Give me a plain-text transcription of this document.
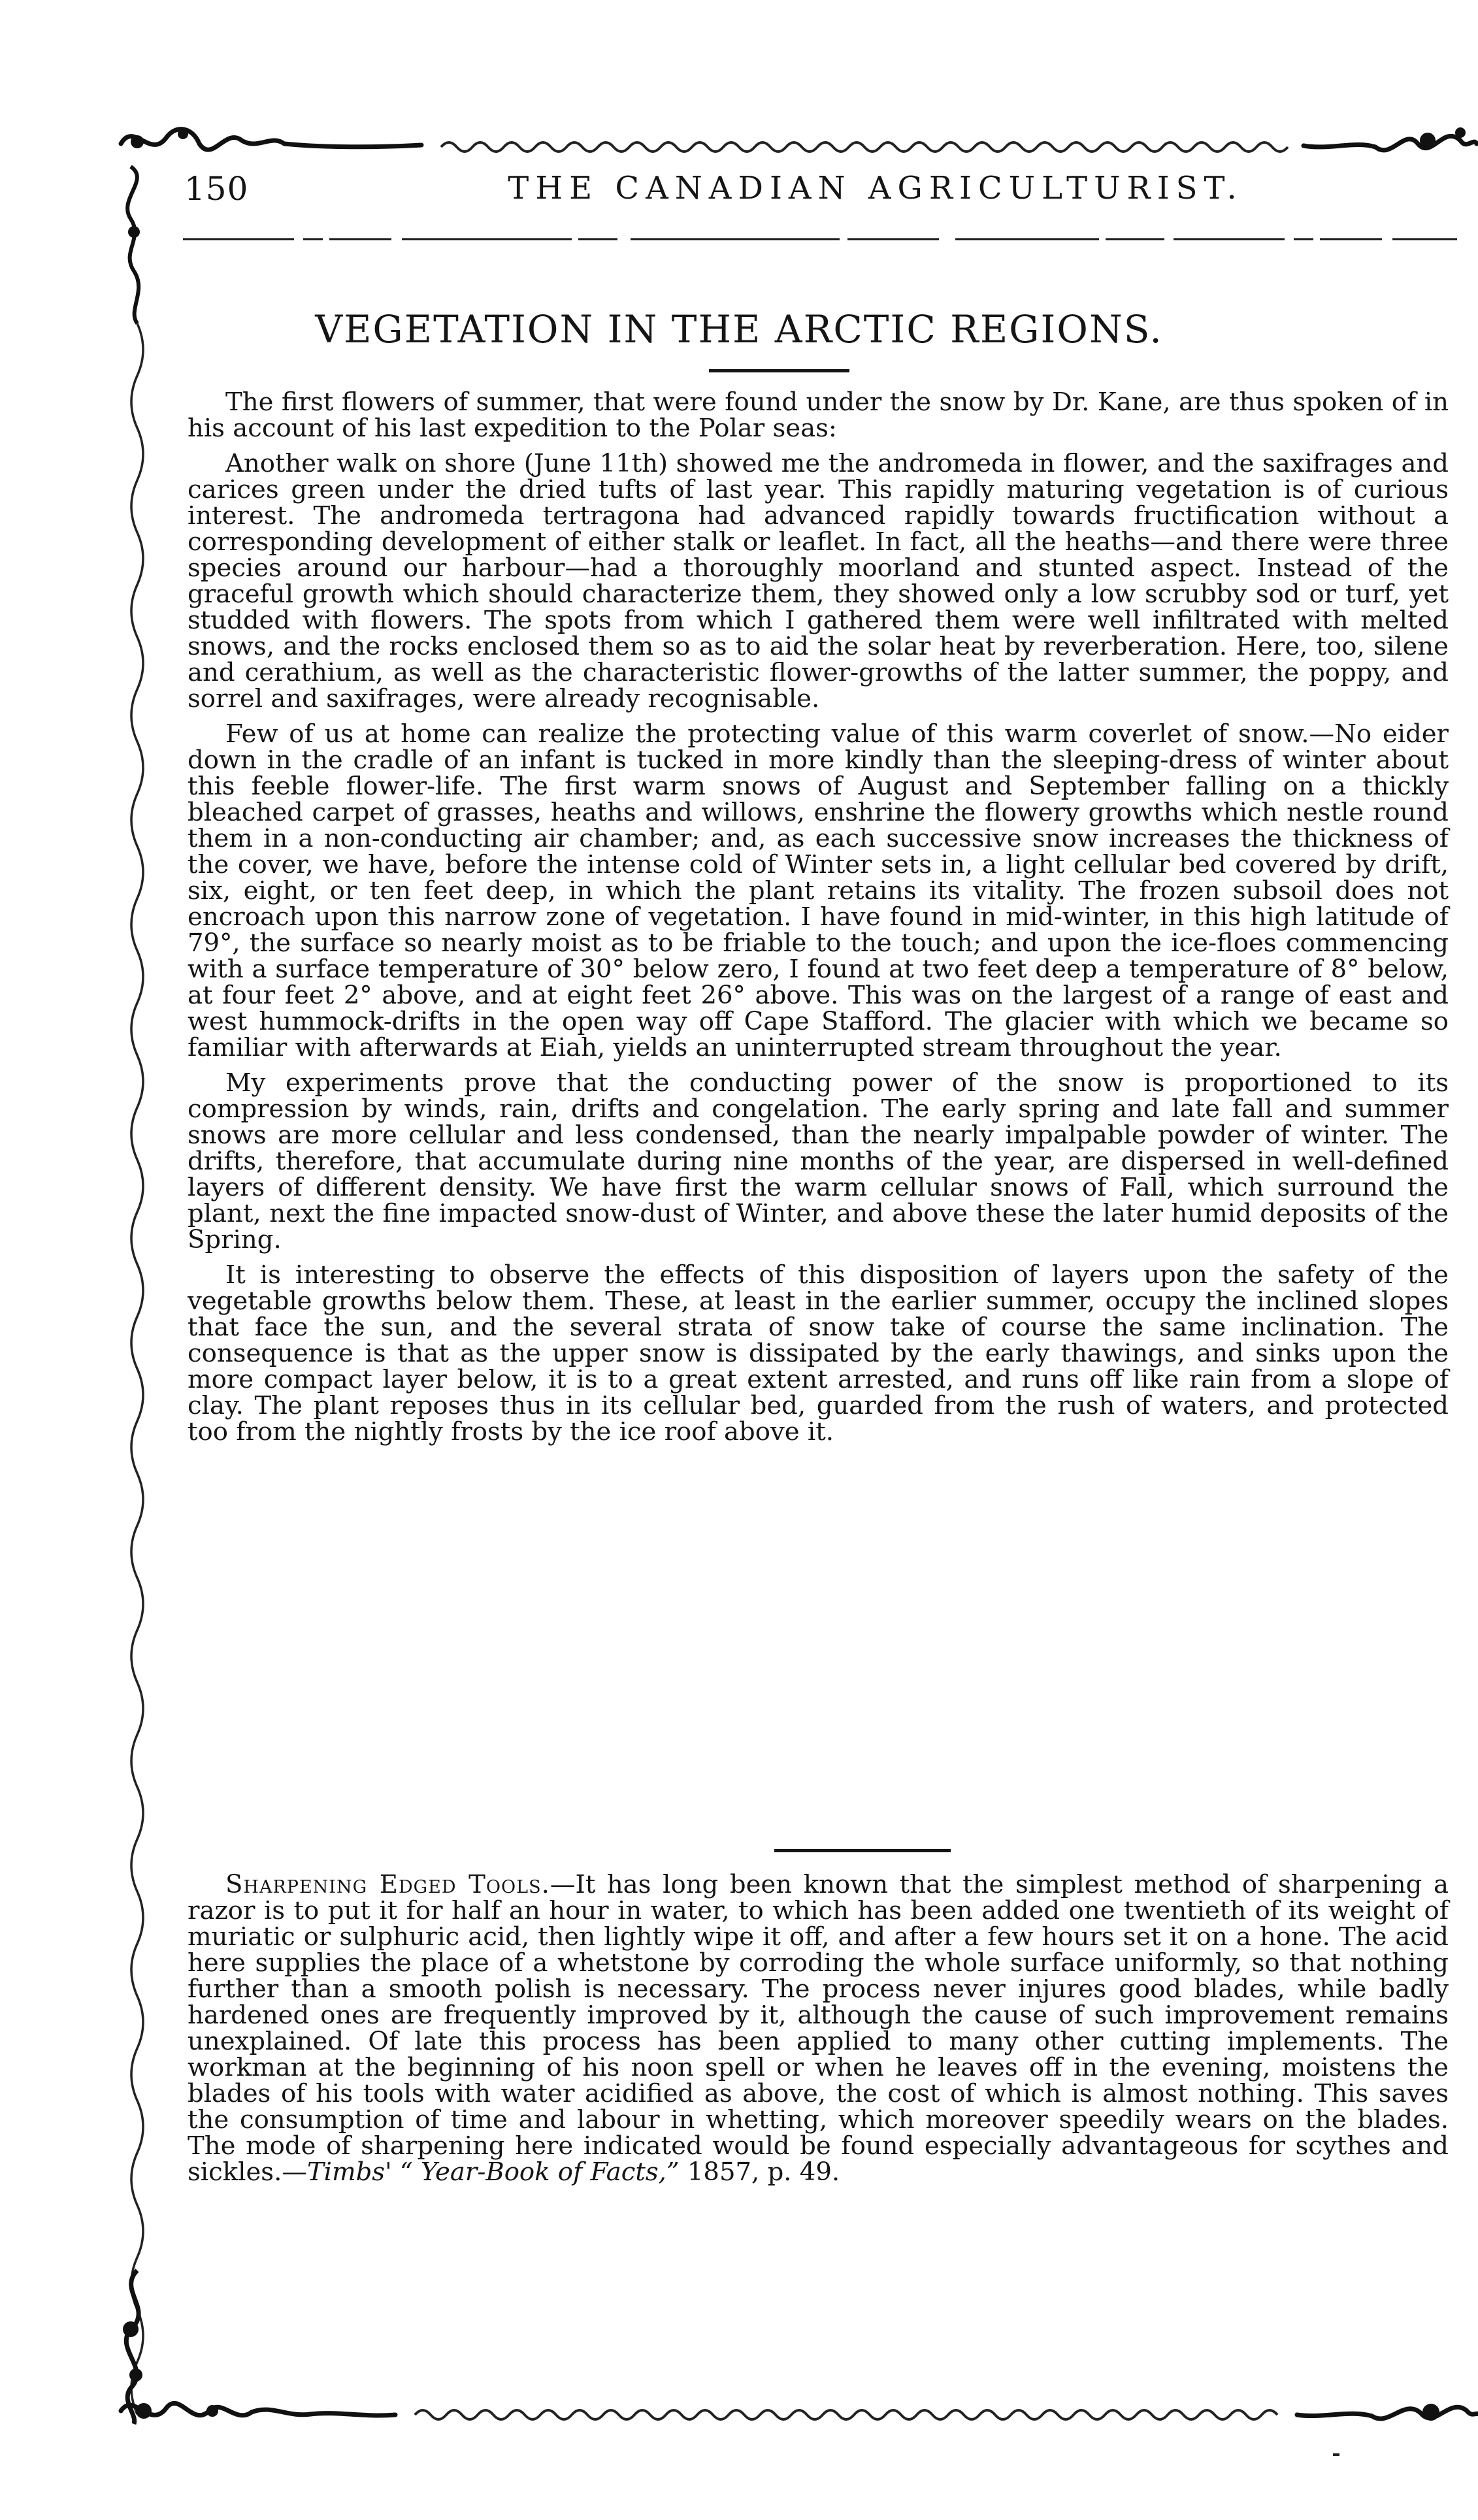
150	THE CANADIAN AGRICULTURIST.
VEGETATION IN THE ARCTIC REGIONS.

The first flowers of summer, that were found under the snow by Dr. Kane, are thus spoken of in his account of his last expedition to the Polar seas:

Another walk on shore (June 11th) showed me the andromeda in flower, and the saxifrages and carices green under the dried tufts of last year. This rapidly maturing vegetation is of curious interest. The andromeda tertragona had advanced rapidly towards fructification without a corresponding development of either stalk or leaflet. In fact, all the heaths—and there were three species around our harbour—had a thoroughly moorland and stunted aspect. Instead of the graceful growth which should characterize them, they showed only a low scrubby sod or turf, yet studded with flowers. The spots from which I gathered them were well infiltrated with melted snows, and the rocks enclosed them so as to aid the solar heat by reverberation. Here, too, silene and cerathium, as well as the characteristic flower-growths of the latter summer, the poppy, and sorrel and saxifrages, were already recognisable.

Few of us at home can realize the protecting value of this warm coverlet of snow.—No eider down in the cradle of an infant is tucked in more kindly than the sleeping-dress of winter about this feeble flower-life. The first warm snows of August and September falling on a thickly bleached carpet of grasses, heaths and willows, enshrine the flowery growths which nestle round them in a non-conducting air chamber; and, as each successive snow increases the thickness of the cover, we have, before the intense cold of Winter sets in, a light cellular bed covered by drift, six, eight, or ten feet deep, in which the plant retains its vitality. The frozen subsoil does not encroach upon this narrow zone of vegetation. I have found in mid-winter, in this high latitude of 79°, the surface so nearly moist as to be friable to the touch; and upon the ice-floes commencing with a surface temperature of 30° below zero, I found at two feet deep a temperature of 8° below, at four feet 2° above, and at eight feet 26° above. This was on the largest of a range of east and west hummock-drifts in the open way off Cape Stafford. The glacier with which we became so familiar with afterwards at Eiah, yields an uninterrupted stream throughout the year.

My experiments prove that the conducting power of the snow is proportioned to its compression by winds, rain, drifts and congelation. The early spring and late fall and summer snows are more cellular and less condensed, than the nearly impalpable powder of winter. The drifts, therefore, that accumulate during nine months of the year, are dispersed in well-defined layers of different density. We have first the warm cellular snows of Fall, which surround the plant, next the fine impacted snow-dust of Winter, and above these the later humid deposits of the Spring.

It is interesting to observe the effects of this disposition of layers upon the safety of the vegetable growths below them. These, at least in the earlier summer, occupy the inclined slopes that face the sun, and the several strata of snow take of course the same inclination. The consequence is that as the upper snow is dissipated by the early thawings, and sinks upon the more compact layer below, it is to a great extent arrested, and runs off like rain from a slope of clay. The plant reposes thus in its cellular bed, guarded from the rush of waters, and protected too from the nightly frosts by the ice roof above it.

Sharpening Edged Tools.—It has long been known that the simplest method of sharpening a razor is to put it for half an hour in water, to which has been added one twentieth of its weight of muriatic or sulphuric acid, then lightly wipe it off, and after a few hours set it on a hone. The acid here supplies the place of a whetstone by corroding the whole surface uniformly, so that nothing further than a smooth polish is necessary. The process never injures good blades, while badly hardened ones are frequently improved by it, although the cause of such improvement remains unexplained. Of late this process has been applied to many other cutting implements. The workman at the beginning of his noon spell or when he leaves off in the evening, moistens the blades of his tools with water acidified as above, the cost of which is almost nothing. This saves the consumption of time and labour in whetting, which moreover speedily wears on the blades. The mode of sharpening here indicated would be found especially advantageous for scythes and sickles.—Timbs' “ Year-Book of Facts,” 1857, p. 49.
